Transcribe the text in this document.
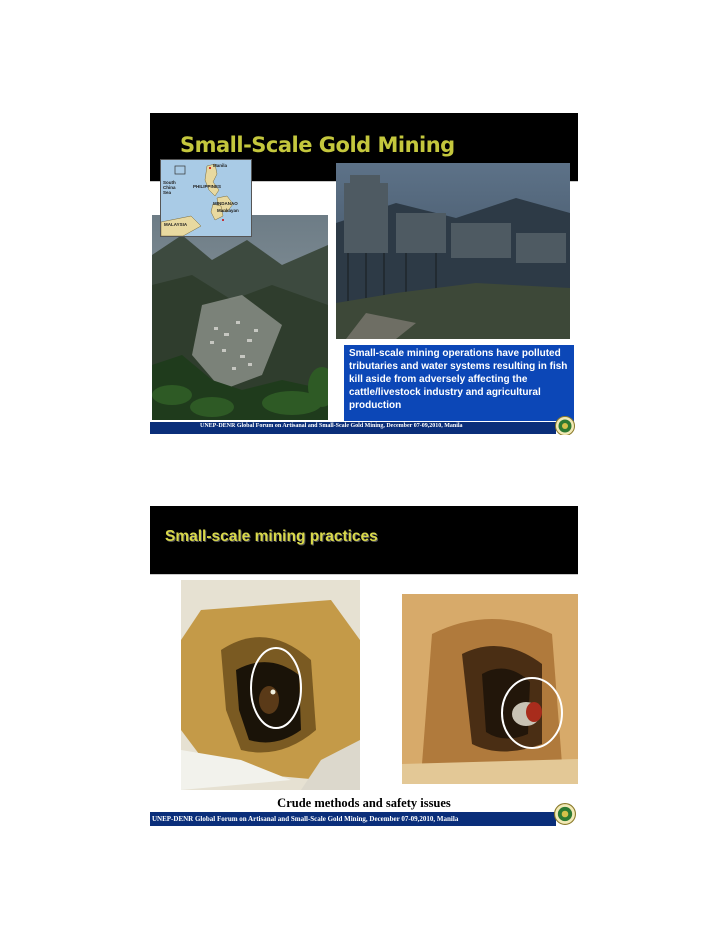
Small-Scale Gold Mining
Manila
South China Sea
PHILIPPINES
MINDANAO
Mankayan
MALAYSIA
Small-scale mining operations have polluted tributaries and water systems resulting in fish kill aside from adversely affecting the cattle/livestock industry and agricultural production
UNEP-DENR Global Forum on Artisanal and Small-Scale Gold Mining, December 07-09,2010, Manila
Small-scale mining practices
Crude methods and safety issues
UNEP-DENR Global Forum on Artisanal and Small-Scale Gold Mining, December 07-09,2010, Manila
